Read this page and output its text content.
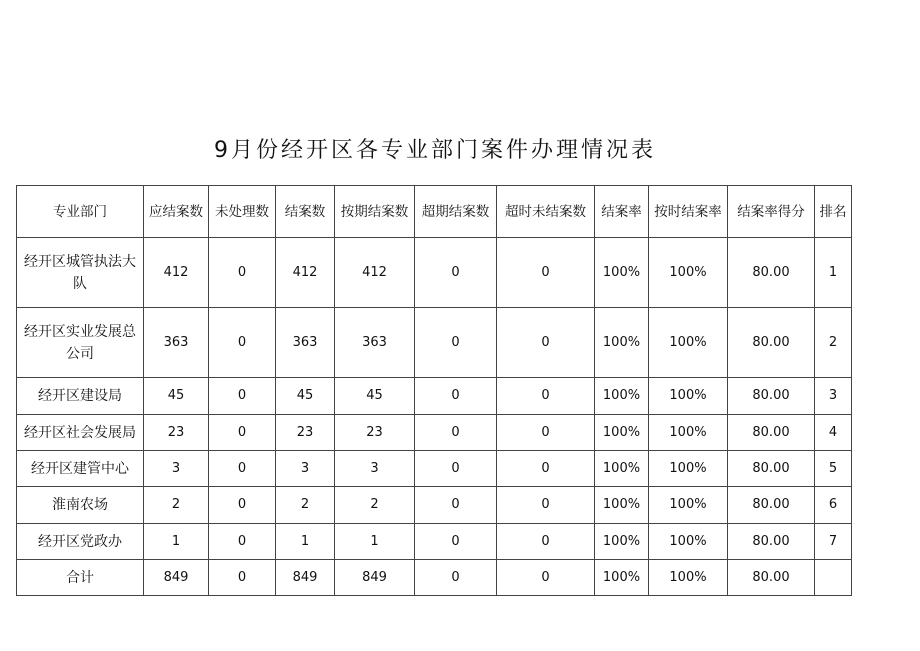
9月份经开区各专业部门案件办理情况表
专业部门	应结案数	未处理数	结案数	按期结案数	超期结案数	超时未结案数	结案率	按时结案率	结案率得分	排名
经开区城管执法大队	412	0	412	412	0	0	100%	100%	80.00	1
经开区实业发展总公司	363	0	363	363	0	0	100%	100%	80.00	2
经开区建设局	45	0	45	45	0	0	100%	100%	80.00	3
经开区社会发展局	23	0	23	23	0	0	100%	100%	80.00	4
经开区建管中心	3	0	3	3	0	0	100%	100%	80.00	5
淮南农场	2	0	2	2	0	0	100%	100%	80.00	6
经开区党政办	1	0	1	1	0	0	100%	100%	80.00	7
合计	849	0	849	849	0	0	100%	100%	80.00	
